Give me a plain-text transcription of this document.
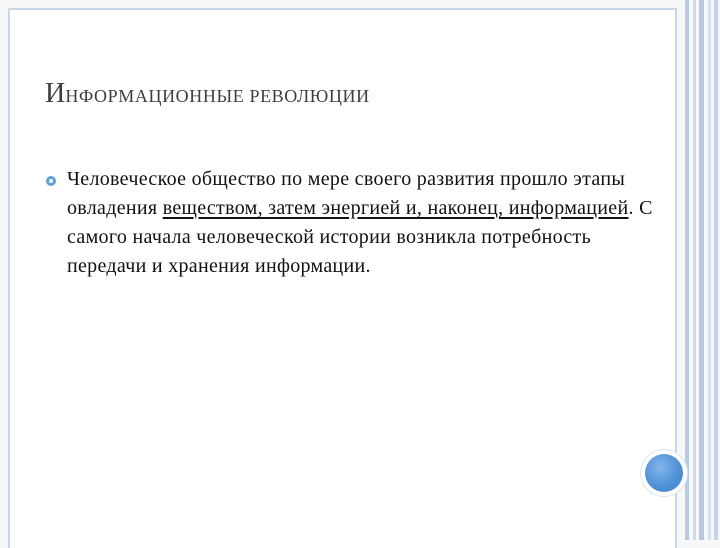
ИНФОРМАЦИОННЫЕ РЕВОЛЮЦИИ
Человеческое общество по мере своего развития прошло этапы овладения веществом, затем энергией и, наконец, информацией. С самого начала человеческой истории возникла потребность передачи и хранения информации.
